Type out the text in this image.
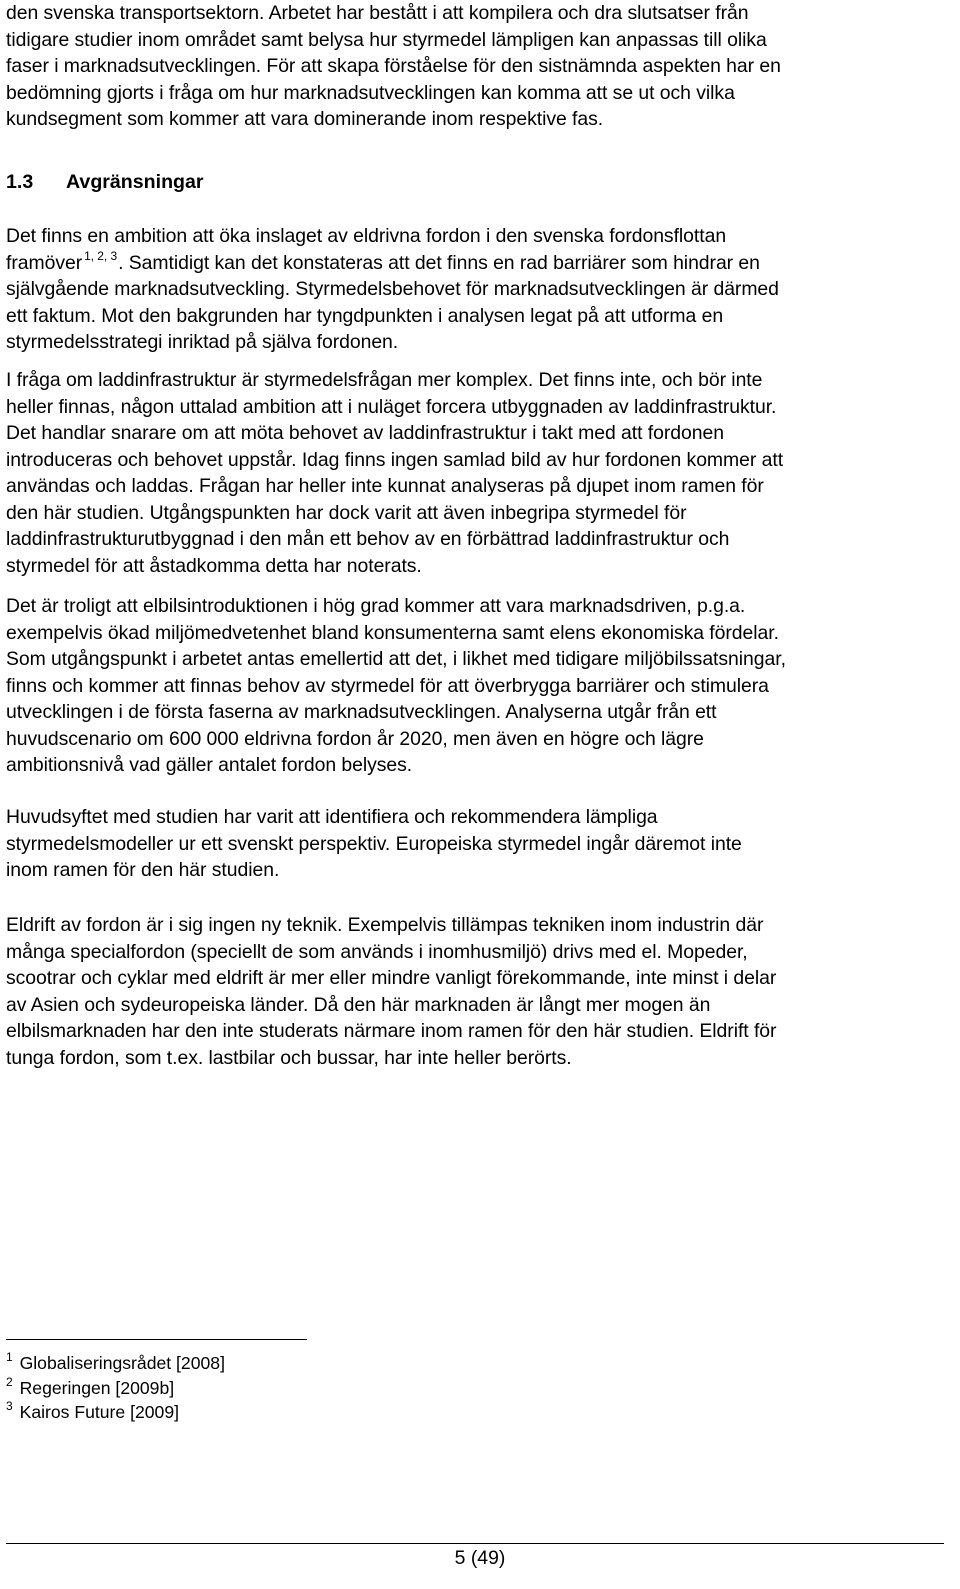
den svenska transportsektorn. Arbetet har bestått i att kompilera och dra slutsatser från
tidigare studier inom området samt belysa hur styrmedel lämpligen kan anpassas till olika
faser i marknadsutvecklingen. För att skapa förståelse för den sistnämnda aspekten har en
bedömning gjorts i fråga om hur marknadsutvecklingen kan komma att se ut och vilka
kundsegment som kommer att vara dominerande inom respektive fas.

1.3 Avgränsningar

Det finns en ambition att öka inslaget av eldrivna fordon i den svenska fordonsflottan
framöver $^{1, 2, 3}$. Samtidigt kan det konstateras att det finns en rad barriärer som hindrar en
självgående marknadsutveckling. Styrmedelsbehovet för marknadsutvecklingen är därmed
ett faktum. Mot den bakgrunden har tyngdpunkten i analysen legat på att utforma en
styrmedelsstrategi inriktad på själva fordonen.

I fråga om laddinfrastruktur är styrmedelsfrågan mer komplex. Det finns inte, och bör inte
heller finnas, någon uttalad ambition att i nuläget forcera utbyggnaden av laddinfrastruktur.
Det handlar snarare om att möta behovet av laddinfrastruktur i takt med att fordonen
introduceras och behovet uppstår. Idag finns ingen samlad bild av hur fordonen kommer att
användas och laddas. Frågan har heller inte kunnat analyseras på djupet inom ramen för
den här studien. Utgångspunkten har dock varit att även inbegripa styrmedel för
laddinfrastrukturutbyggnad i den mån ett behov av en förbättrad laddinfrastruktur och
styrmedel för att åstadkomma detta har noterats.

Det är troligt att elbilsintroduktionen i hög grad kommer att vara marknadsdriven, p.g.a.
exempelvis ökad miljömedvetenhet bland konsumenterna samt elens ekonomiska fördelar.
Som utgångspunkt i arbetet antas emellertid att det, i likhet med tidigare miljöbilssatsningar,
finns och kommer att finnas behov av styrmedel för att överbrygga barriärer och stimulera
utvecklingen i de första faserna av marknadsutvecklingen. Analyserna utgår från ett
huvudscenario om 600 000 eldrivna fordon år 2020, men även en högre och lägre
ambitionsnivå vad gäller antalet fordon belyses.

Huvudsyftet med studien har varit att identifiera och rekommendera lämpliga
styrmedelsmodeller ur ett svenskt perspektiv. Europeiska styrmedel ingår däremot inte
inom ramen för den här studien.

Eldrift av fordon är i sig ingen ny teknik. Exempelvis tillämpas tekniken inom industrin där
många specialfordon (speciellt de som används i inomhusmiljö) drivs med el. Mopeder,
scootrar och cyklar med eldrift är mer eller mindre vanligt förekommande, inte minst i delar
av Asien och sydeuropeiska länder. Då den här marknaden är långt mer mogen än
elbilsmarknaden har den inte studerats närmare inom ramen för den här studien. Eldrift för
tunga fordon, som t.ex. lastbilar och bussar, har inte heller berörts.

$^1$ Globaliseringsrådet [2008]
$^2$ Regeringen [2009b]
$^3$ Kairos Future [2009]

5 (49)
